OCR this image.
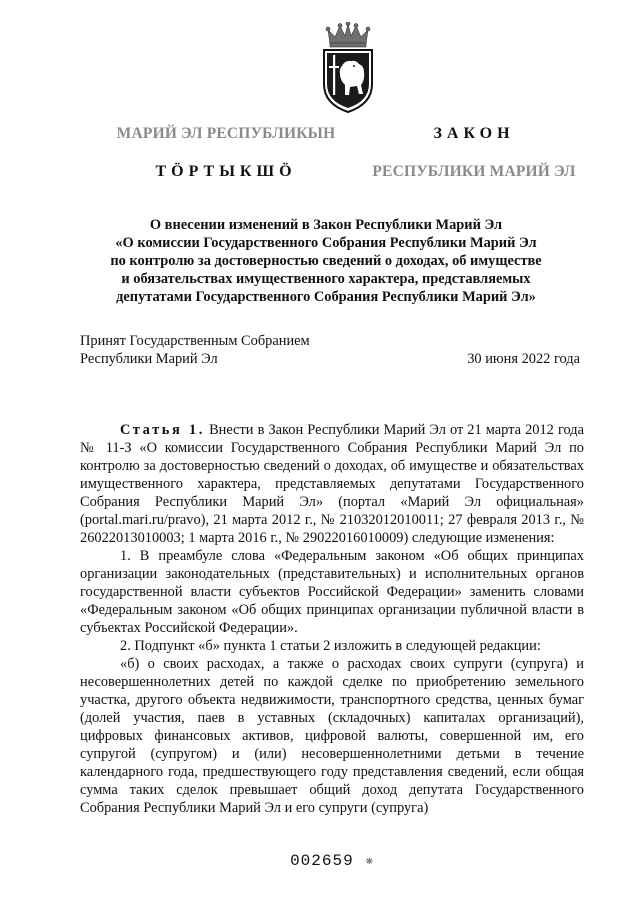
МАРИЙ ЭЛ РЕСПУБЛИКЫН
ТÖРТЫКШÖ
ЗАКОН
РЕСПУБЛИКИ МАРИЙ ЭЛ
О внесении изменений в Закон Республики Марий Эл
«О комиссии Государственного Собрания Республики Марий Эл
по контролю за достоверностью сведений о доходах, об имуществе
и обязательствах имущественного характера, представляемых
депутатами Государственного Собрания Республики Марий Эл»
Принят Государственным Собранием
Республики Марий Эл	30 июня 2022 года
Статья 1. Внести в Закон Республики Марий Эл от 21 марта 2012 года № 11-З «О комиссии Государственного Собрания Республики Марий Эл по контролю за достоверностью сведений о доходах, об имуществе и обязательствах имущественного характера, представляемых депутатами Государственного Собрания Республики Марий Эл» (портал «Марий Эл официальная» (portal.mari.ru/pravo), 21 марта 2012 г., № 21032012010011; 27 февраля 2013 г., № 26022013010003; 1 марта 2016 г., № 29022016010009) следующие изменения:
1. В преамбуле слова «Федеральным законом «Об общих принципах организации законодательных (представительных) и исполнительных органов государственной власти субъектов Российской Федерации» заменить словами «Федеральным законом «Об общих принципах организации публичной власти в субъектах Российской Федерации».
2. Подпункт «б» пункта 1 статьи 2 изложить в следующей редакции:
«б) о своих расходах, а также о расходах своих супруги (супруга) и несовершеннолетних детей по каждой сделке по приобретению земельного участка, другого объекта недвижимости, транспортного средства, ценных бумаг (долей участия, паев в уставных (складочных) капиталах организаций), цифровых финансовых активов, цифровой валюты, совершенной им, его супругой (супругом) и (или) несовершеннолетними детьми в течение календарного года, предшествующего году представления сведений, если общая сумма таких сделок превышает общий доход депутата Государственного Собрания Республики Марий Эл и его супруги (супруга)
002659 ❋
